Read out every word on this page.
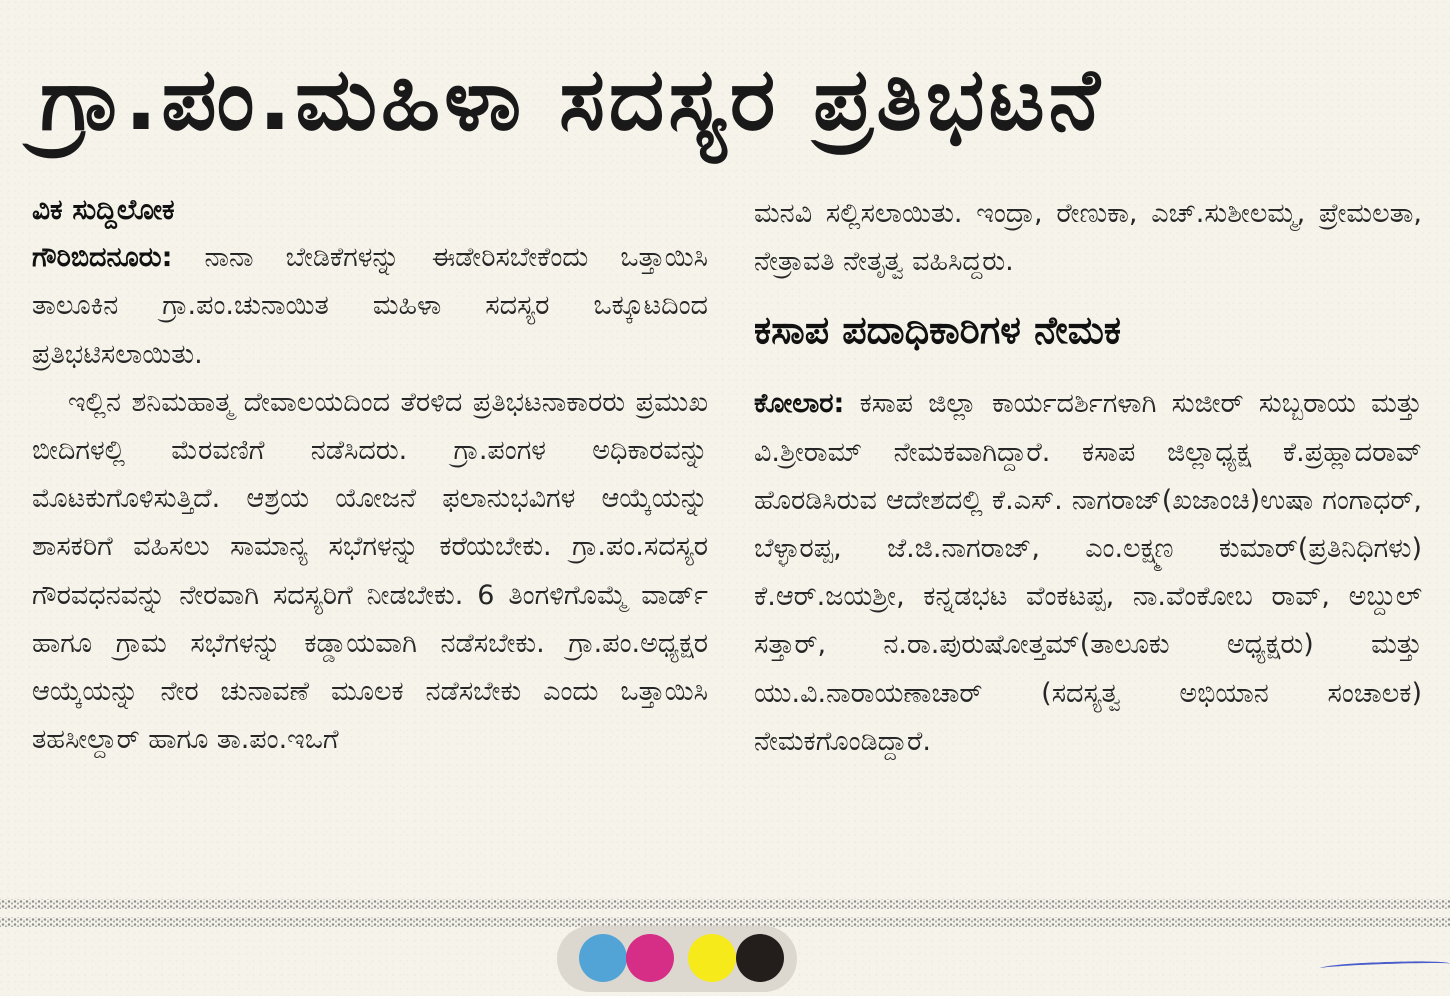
ಗ್ರಾ.ಪಂ.ಮಹಿಳಾ ಸದಸ್ಯರ ಪ್ರತಿಭಟನೆ
ವಿಕ ಸುದ್ದಿಲೋಕ

ಗೌರಿಬಿದನೂರು: ನಾನಾ ಬೇಡಿಕೆಗಳನ್ನು ಈಡೇರಿಸಬೇಕೆಂದು ಒತ್ತಾಯಿಸಿ ತಾಲೂಕಿನ ಗ್ರಾ.ಪಂ.ಚುನಾಯಿತ ಮಹಿಳಾ ಸದಸ್ಯರ ಒಕ್ಕೂಟದಿಂದ ಪ್ರತಿಭಟಿಸಲಾಯಿತು.

ಇಲ್ಲಿನ ಶನಿಮಹಾತ್ಮ ದೇವಾಲಯದಿಂದ ತೆರಳಿದ ಪ್ರತಿಭಟನಾಕಾರರು ಪ್ರಮುಖ ಬೀದಿಗಳಲ್ಲಿ ಮೆರವಣಿಗೆ ನಡೆಸಿದರು. ಗ್ರಾ.ಪಂಗಳ ಅಧಿಕಾರವನ್ನು ಮೊಟಕುಗೊಳಿಸುತ್ತಿದೆ. ಆಶ್ರಯ ಯೋಜನೆ ಫಲಾನುಭವಿಗಳ ಆಯ್ಕೆಯನ್ನು ಶಾಸಕರಿಗೆ ವಹಿಸಲು ಸಾಮಾನ್ಯ ಸಭೆಗಳನ್ನು ಕರೆಯಬೇಕು. ಗ್ರಾ.ಪಂ.ಸದಸ್ಯರ ಗೌರವಧನವನ್ನು ನೇರವಾಗಿ ಸದಸ್ಯರಿಗೆ ನೀಡಬೇಕು. 6 ತಿಂಗಳಿಗೊಮ್ಮೆ ವಾರ್ಡ್ ಹಾಗೂ ಗ್ರಾಮ ಸಭೆಗಳನ್ನು ಕಡ್ಡಾಯವಾಗಿ ನಡೆಸಬೇಕು. ಗ್ರಾ.ಪಂ.ಅಧ್ಯಕ್ಷರ ಆಯ್ಕೆಯನ್ನು ನೇರ ಚುನಾವಣೆ ಮೂಲಕ ನಡೆಸಬೇಕು ಎಂದು ಒತ್ತಾಯಿಸಿ ತಹಸೀಲ್ದಾರ್ ಹಾಗೂ ತಾ.ಪಂ.ಇಒಗೆ

ಮನವಿ ಸಲ್ಲಿಸಲಾಯಿತು. ಇಂದ್ರಾ, ರೇಣುಕಾ, ಎಚ್.ಸುಶೀಲಮ್ಮ, ಪ್ರೇಮಲತಾ, ನೇತ್ರಾವತಿ ನೇತೃತ್ವ ವಹಿಸಿದ್ದರು.

ಕಸಾಪ ಪದಾಧಿಕಾರಿಗಳ ನೇಮಕ

ಕೋಲಾರ: ಕಸಾಪ ಜಿಲ್ಲಾ ಕಾರ್ಯದರ್ಶಿಗಳಾಗಿ ಸುಜೀರ್ ಸುಬ್ಬರಾಯ ಮತ್ತು ವಿ.ಶ್ರೀರಾಮ್ ನೇಮಕವಾಗಿದ್ದಾರೆ. ಕಸಾಪ ಜಿಲ್ಲಾಧ್ಯಕ್ಷ ಕೆ.ಪ್ರಹ್ಲಾದರಾವ್ ಹೊರಡಿಸಿರುವ ಆದೇಶದಲ್ಲಿ ಕೆ.ಎಸ್. ನಾಗರಾಜ್(ಖಜಾಂಚಿ)ಉಷಾ ಗಂಗಾಧರ್, ಬೆಳ್ಳಾರಪ್ಪ, ಜೆ.ಜಿ.ನಾಗರಾಜ್, ಎಂ.ಲಕ್ಷ್ಮಣ ಕುಮಾರ್(ಪ್ರತಿನಿಧಿಗಳು) ಕೆ.ಆರ್.ಜಯಶ್ರೀ, ಕನ್ನಡಭಟ ವೆಂಕಟಪ್ಪ, ನಾ.ವೆಂಕೋಬ ರಾವ್, ಅಬ್ದುಲ್ ಸತ್ತಾರ್, ನ.ರಾ.ಪುರುಷೋತ್ತಮ್(ತಾಲೂಕು ಅಧ್ಯಕ್ಷರು) ಮತ್ತು ಯು.ವಿ.ನಾರಾಯಣಾಚಾರ್ (ಸದಸ್ಯತ್ವ ಅಭಿಯಾನ ಸಂಚಾಲಕ) ನೇಮಕಗೊಂಡಿದ್ದಾರೆ.
